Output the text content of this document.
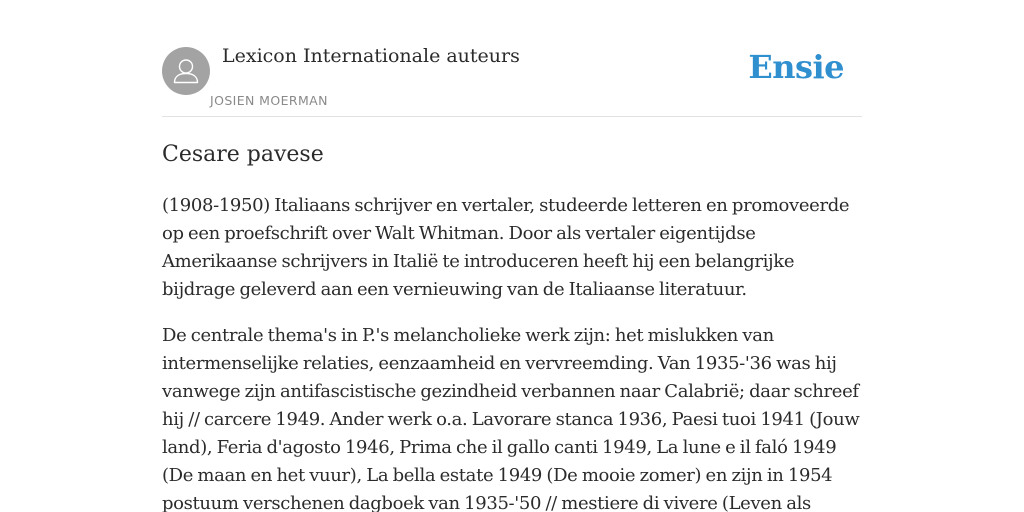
Lexicon Internationale auteurs
JOSIEN MOERMAN
Ensie
Cesare pavese

(1908-1950) Italiaans schrijver en vertaler, studeerde letteren en promoveerde op een proefschrift over Walt Whitman. Door als vertaler eigentijdse Amerikaanse schrijvers in Italië te introduceren heeft hij een belangrijke bijdrage geleverd aan een vernieuwing van de Italiaanse literatuur.

De centrale thema's in P.'s melancholieke werk zijn: het mislukken van intermenselijke relaties, eenzaamheid en vervreemding. Van 1935-'36 was hij vanwege zijn antifascistische gezindheid verbannen naar Calabrië; daar schreef hij // carcere 1949. Ander werk o.a. Lavorare stanca 1936, Paesi tuoi 1941 (Jouw land), Feria d'agosto 1946, Prima che il gallo canti 1949, La lune e il faló 1949 (De maan en het vuur), La bella estate 1949 (De mooie zomer) en zijn in 1954 postuum verschenen dagboek van 1935-'50 // mestiere di vivere (Leven als
